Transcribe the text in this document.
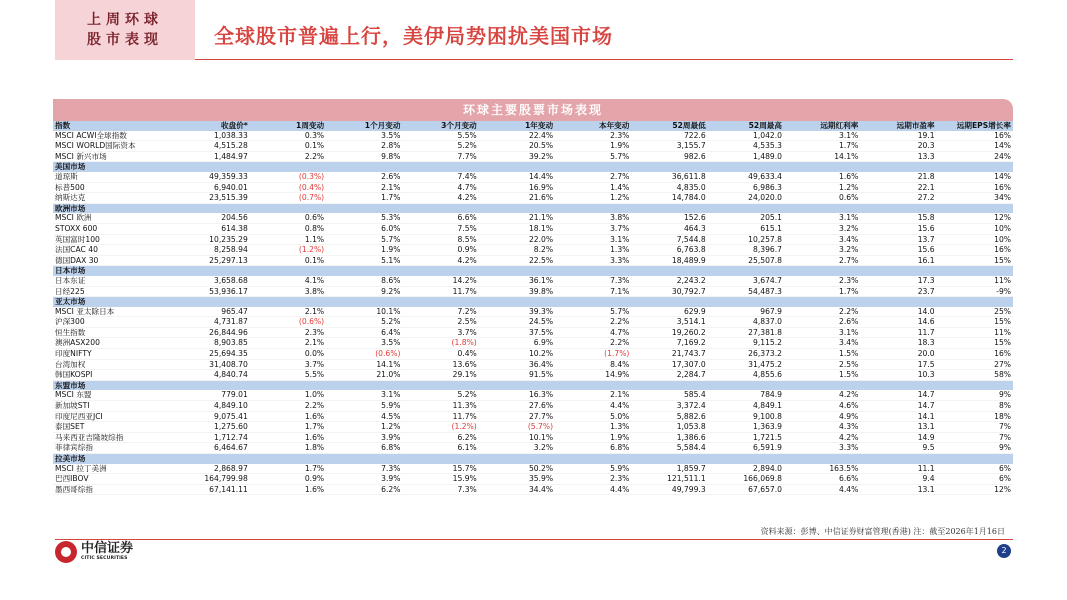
上周环球
股市表现	全球股市普遍上行，美伊局势困扰美国市场
环球主要股票市场表现
指数	收盘价*	1周变动	1个月变动	3个月变动	1年变动	本年变动	52周最低	52周最高	远期红利率	远期市盈率	远期EPS增长率
MSCI ACWI全球指数	1,038.33	0.3%	3.5%	5.5%	22.4%	2.3%	722.6	1,042.0	3.1%	19.1	16%
MSCI WORLD国际资本	4,515.28	0.1%	2.8%	5.2%	20.5%	1.9%	3,155.7	4,535.3	1.7%	20.3	14%
MSCI 新兴市场	1,484.97	2.2%	9.8%	7.7%	39.2%	5.7%	982.6	1,489.0	14.1%	13.3	24%
美国市场											
道琼斯	49,359.33	(0.3%)	2.6%	7.4%	14.4%	2.7%	36,611.8	49,633.4	1.6%	21.8	14%
标普500	6,940.01	(0.4%)	2.1%	4.7%	16.9%	1.4%	4,835.0	6,986.3	1.2%	22.1	16%
纳斯达克	23,515.39	(0.7%)	1.7%	4.2%	21.6%	1.2%	14,784.0	24,020.0	0.6%	27.2	34%
欧洲市场											
MSCI 欧洲	204.56	0.6%	5.3%	6.6%	21.1%	3.8%	152.6	205.1	3.1%	15.8	12%
STOXX 600	614.38	0.8%	6.0%	7.5%	18.1%	3.7%	464.3	615.1	3.2%	15.6	10%
英国富时100	10,235.29	1.1%	5.7%	8.5%	22.0%	3.1%	7,544.8	10,257.8	3.4%	13.7	10%
法国CAC 40	8,258.94	(1.2%)	1.9%	0.9%	8.2%	1.3%	6,763.8	8,396.7	3.2%	15.6	16%
德国DAX 30	25,297.13	0.1%	5.1%	4.2%	22.5%	3.3%	18,489.9	25,507.8	2.7%	16.1	15%
日本市场											
日本东证	3,658.68	4.1%	8.6%	14.2%	36.1%	7.3%	2,243.2	3,674.7	2.3%	17.3	11%
日经225	53,936.17	3.8%	9.2%	11.7%	39.8%	7.1%	30,792.7	54,487.3	1.7%	23.7	-9%
亚太市场											
MSCI 亚太除日本	965.47	2.1%	10.1%	7.2%	39.3%	5.7%	629.9	967.9	2.2%	14.0	25%
沪深300	4,731.87	(0.6%)	5.2%	2.5%	24.5%	2.2%	3,514.1	4,837.0	2.6%	14.6	15%
恒生指数	26,844.96	2.3%	6.4%	3.7%	37.5%	4.7%	19,260.2	27,381.8	3.1%	11.7	11%
澳洲ASX200	8,903.85	2.1%	3.5%	(1.8%)	6.9%	2.2%	7,169.2	9,115.2	3.4%	18.3	15%
印度NIFTY	25,694.35	0.0%	(0.6%)	0.4%	10.2%	(1.7%)	21,743.7	26,373.2	1.5%	20.0	16%
台湾加权	31,408.70	3.7%	14.1%	13.6%	36.4%	8.4%	17,307.0	31,475.2	2.5%	17.5	27%
韩国KOSPI	4,840.74	5.5%	21.0%	29.1%	91.5%	14.9%	2,284.7	4,855.6	1.5%	10.3	58%
东盟市场											
MSCI 东盟	779.01	1.0%	3.1%	5.2%	16.3%	2.1%	585.4	784.9	4.2%	14.7	9%
新加坡STI	4,849.10	2.2%	5.9%	11.3%	27.6%	4.4%	3,372.4	4,849.1	4.6%	14.7	8%
印度尼西亚JCI	9,075.41	1.6%	4.5%	11.7%	27.7%	5.0%	5,882.6	9,100.8	4.9%	14.1	18%
泰国SET	1,275.60	1.7%	1.2%	(1.2%)	(5.7%)	1.3%	1,053.8	1,363.9	4.3%	13.1	7%
马来西亚吉隆坡综指	1,712.74	1.6%	3.9%	6.2%	10.1%	1.9%	1,386.6	1,721.5	4.2%	14.9	7%
菲律宾综指	6,464.67	1.8%	6.8%	6.1%	3.2%	6.8%	5,584.4	6,591.9	3.3%	9.5	9%
拉美市场											
MSCI 拉丁美洲	2,868.97	1.7%	7.3%	15.7%	50.2%	5.9%	1,859.7	2,894.0	163.5%	11.1	6%
巴西IBOV	164,799.98	0.9%	3.9%	15.9%	35.9%	2.3%	121,511.1	166,069.8	6.6%	9.4	6%
墨西哥综指	67,141.11	1.6%	6.2%	7.3%	34.4%	4.4%	49,799.3	67,657.0	4.4%	13.1	12%
资料来源：彭博、中信证券财富管理(香港) 注：截至2026年1月16日
中信证券
CITIC SECURITIES
2
